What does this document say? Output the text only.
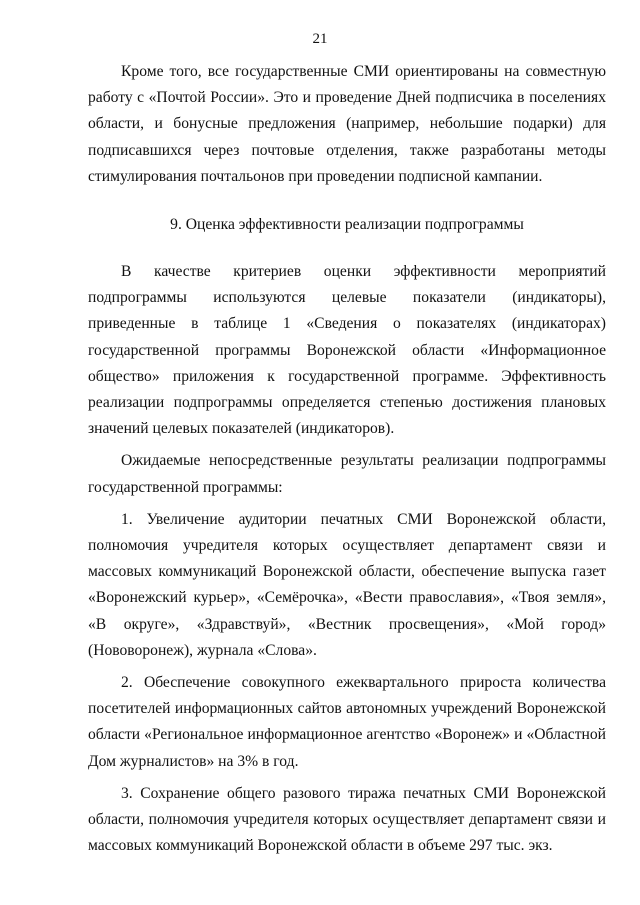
21

Кроме того, все государственные СМИ ориентированы на совместную работу с «Почтой России». Это и проведение Дней подписчика в поселениях области, и бонусные предложения (например, небольшие подарки) для подписавшихся через почтовые отделения, также разработаны методы стимулирования почтальонов при проведении подписной кампании.

9. Оценка эффективности реализации подпрограммы

В качестве критериев оценки эффективности мероприятий подпрограммы используются целевые показатели (индикаторы), приведенные в таблице 1 «Сведения о показателях (индикаторах) государственной программы Воронежской области «Информационное общество» приложения к государственной программе. Эффективность реализации подпрограммы определяется степенью достижения плановых значений целевых показателей (индикаторов).

Ожидаемые непосредственные результаты реализации подпрограммы государственной программы:

1. Увеличение аудитории печатных СМИ Воронежской области, полномочия учредителя которых осуществляет департамент связи и массовых коммуникаций Воронежской области, обеспечение выпуска газет «Воронежский курьер», «Семёрочка», «Вести православия», «Твоя земля», «В округе», «Здравствуй», «Вестник просвещения», «Мой город» (Нововоронеж), журнала «Слова».

2. Обеспечение совокупного ежеквартального прироста количества посетителей информационных сайтов автономных учреждений Воронежской области «Региональное информационное агентство «Воронеж» и «Областной Дом журналистов» на 3% в год.

3. Сохранение общего разового тиража печатных СМИ Воронежской области, полномочия учредителя которых осуществляет департамент связи и массовых коммуникаций Воронежской области в объеме 297 тыс. экз.
